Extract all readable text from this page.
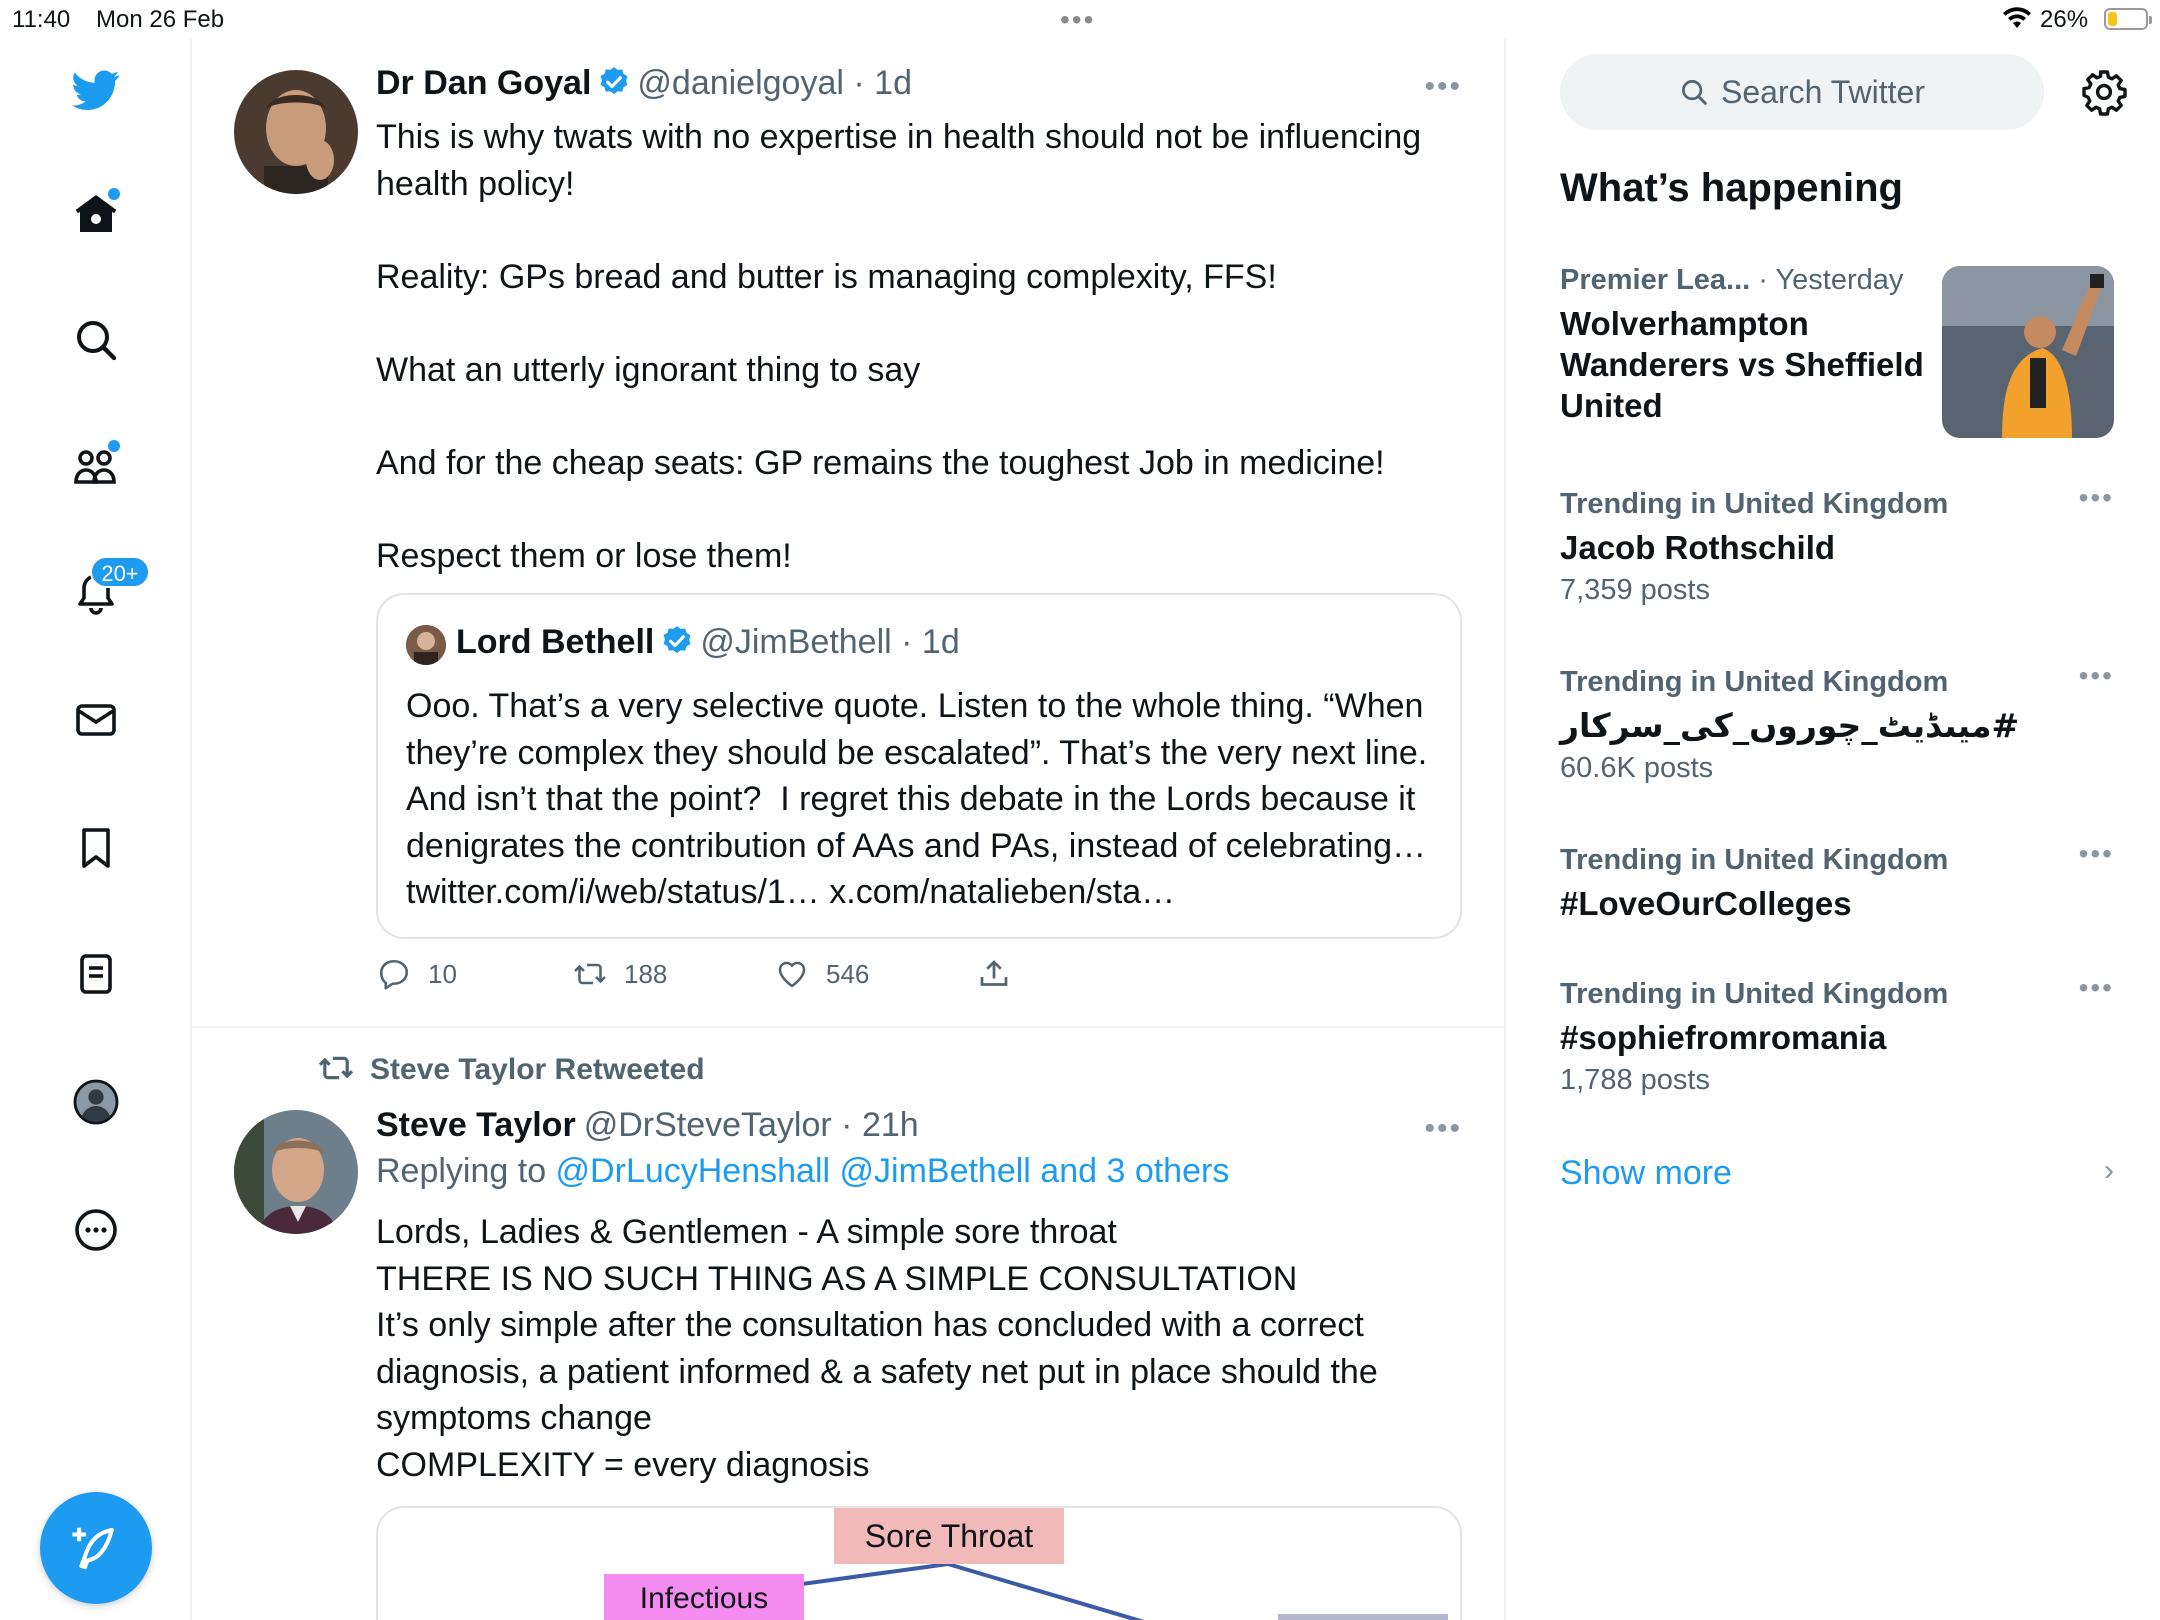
11:40 Mon 26 Feb	•••	26%
20+
Dr Dan Goyal @danielgoyal · 1d	•••
This is why twats with no expertise in health should not be influencing health policy!

Reality: GPs bread and butter is managing complexity, FFS!

What an utterly ignorant thing to say

And for the cheap seats: GP remains the toughest Job in medicine!

Respect them or lose them!
Lord Bethell @JimBethell · 1d
Ooo. That’s a very selective quote. Listen to the whole thing. “When they’re complex they should be escalated”. That’s the very next line. And isn’t that the point?  I regret this debate in the Lords because it denigrates the contribution of AAs and PAs, instead of celebrating… twitter.com/i/web/status/1… x.com/natalieben/sta…
10	188	546
Steve Taylor Retweeted
Steve Taylor @DrSteveTaylor · 21h	•••
Replying to @DrLucyHenshall @JimBethell and 3 others
Lords, Ladies & Gentlemen - A simple sore throat
THERE IS NO SUCH THING AS A SIMPLE CONSULTATION
It’s only simple after the consultation has concluded with a correct diagnosis, a patient informed & a safety net put in place should the symptoms change
COMPLEXITY = every diagnosis
Sore Throat
Infectious
Search Twitter
What’s happening
Premier Lea... · Yesterday
Wolverhampton Wanderers vs Sheffield United
Trending in United Kingdom
Jacob Rothschild
7,359 posts
•••
Trending in United Kingdom
#میںڈیٹ_چوروں_کی_سرکار
60.6K posts
•••
Trending in United Kingdom
#LoveOurColleges
•••
Trending in United Kingdom
#sophiefromromania
1,788 posts
•••
Show more	›
